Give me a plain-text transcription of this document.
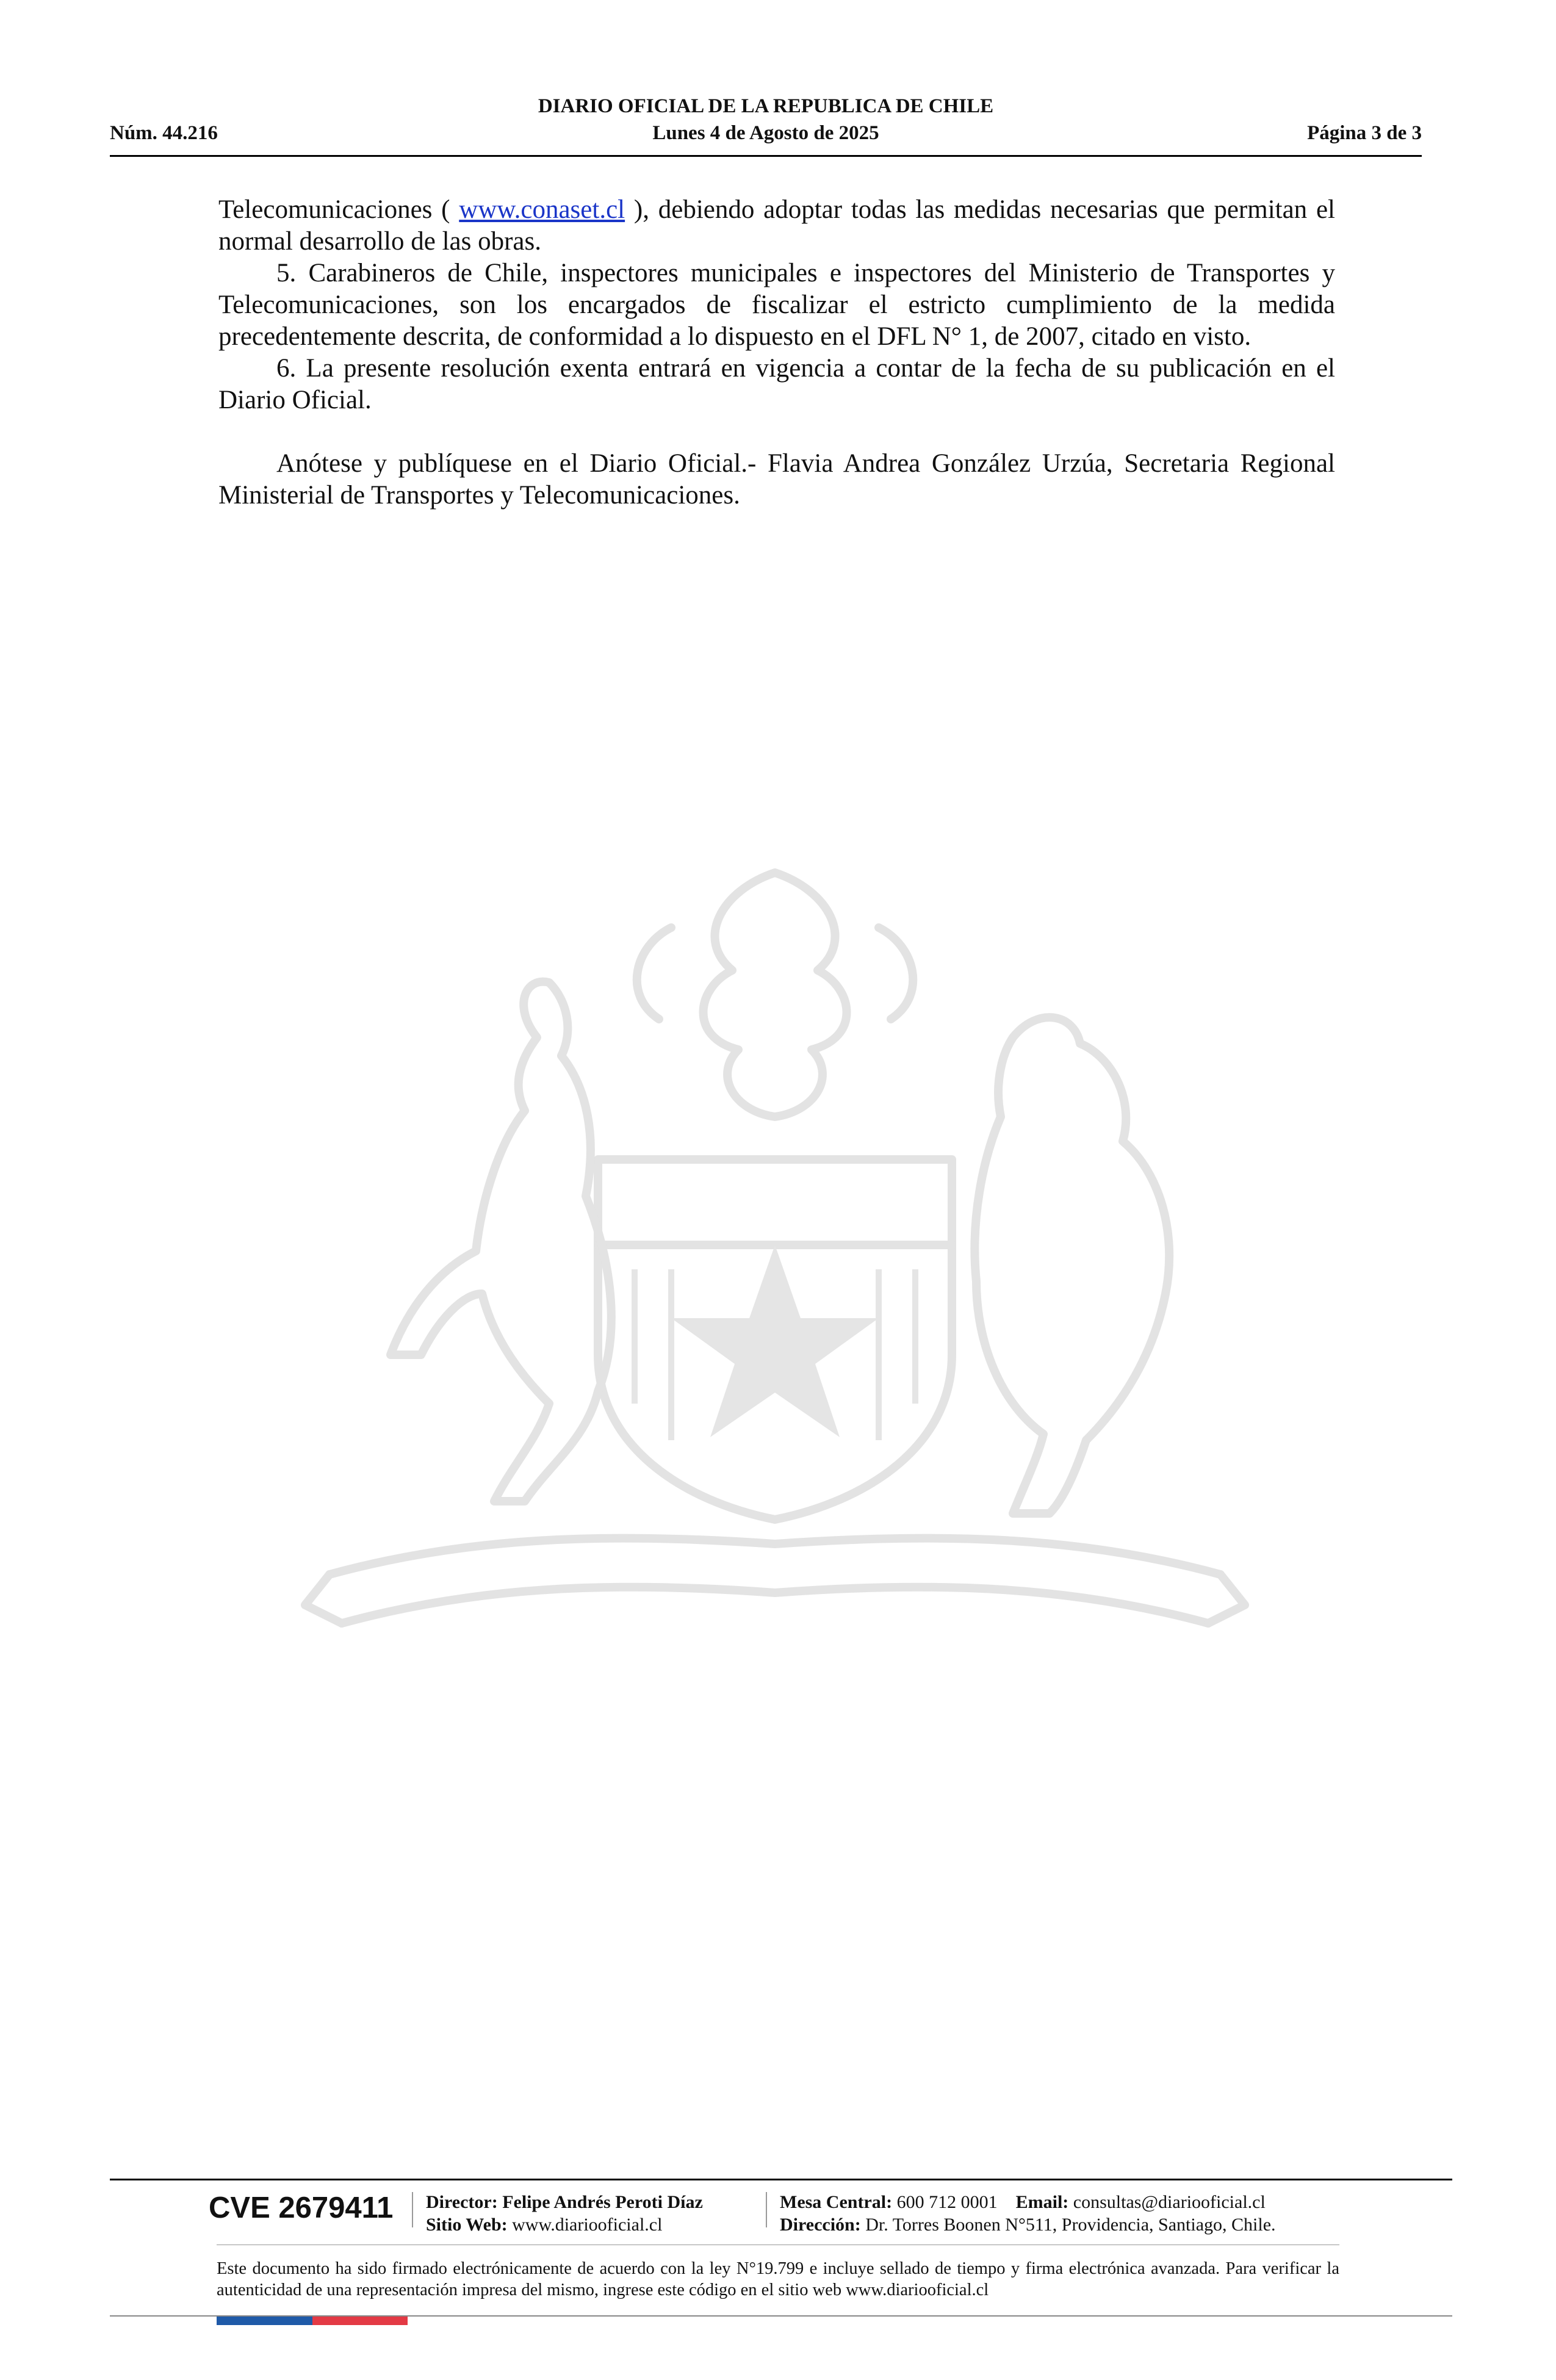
DIARIO OFICIAL DE LA REPUBLICA DE CHILE
Núm. 44.216	Lunes 4 de Agosto de 2025	Página 3 de 3

Telecomunicaciones ( www.conaset.cl ), debiendo adoptar todas las medidas necesarias que permitan el normal desarrollo de las obras.

5. Carabineros de Chile, inspectores municipales e inspectores del Ministerio de Transportes y Telecomunicaciones, son los encargados de fiscalizar el estricto cumplimiento de la medida precedentemente descrita, de conformidad a lo dispuesto en el DFL N° 1, de 2007, citado en visto.

6. La presente resolución exenta entrará en vigencia a contar de la fecha de su publicación en el Diario Oficial.

Anótese y publíquese en el Diario Oficial.- Flavia Andrea González Urzúa, Secretaria Regional Ministerial de Transportes y Telecomunicaciones.

CVE 2679411 Director: Felipe Andrés Peroti Díaz
Sitio Web: www.diariooficial.cl
Mesa Central: 600 712 0001 Email: consultas@diariooficial.cl
Dirección: Dr. Torres Boonen N°511, Providencia, Santiago, Chile.
Este documento ha sido firmado electrónicamente de acuerdo con la ley N°19.799 e incluye sellado de tiempo y firma electrónica avanzada. Para verificar la autenticidad de una representación impresa del mismo, ingrese este código en el sitio web www.diariooficial.cl
